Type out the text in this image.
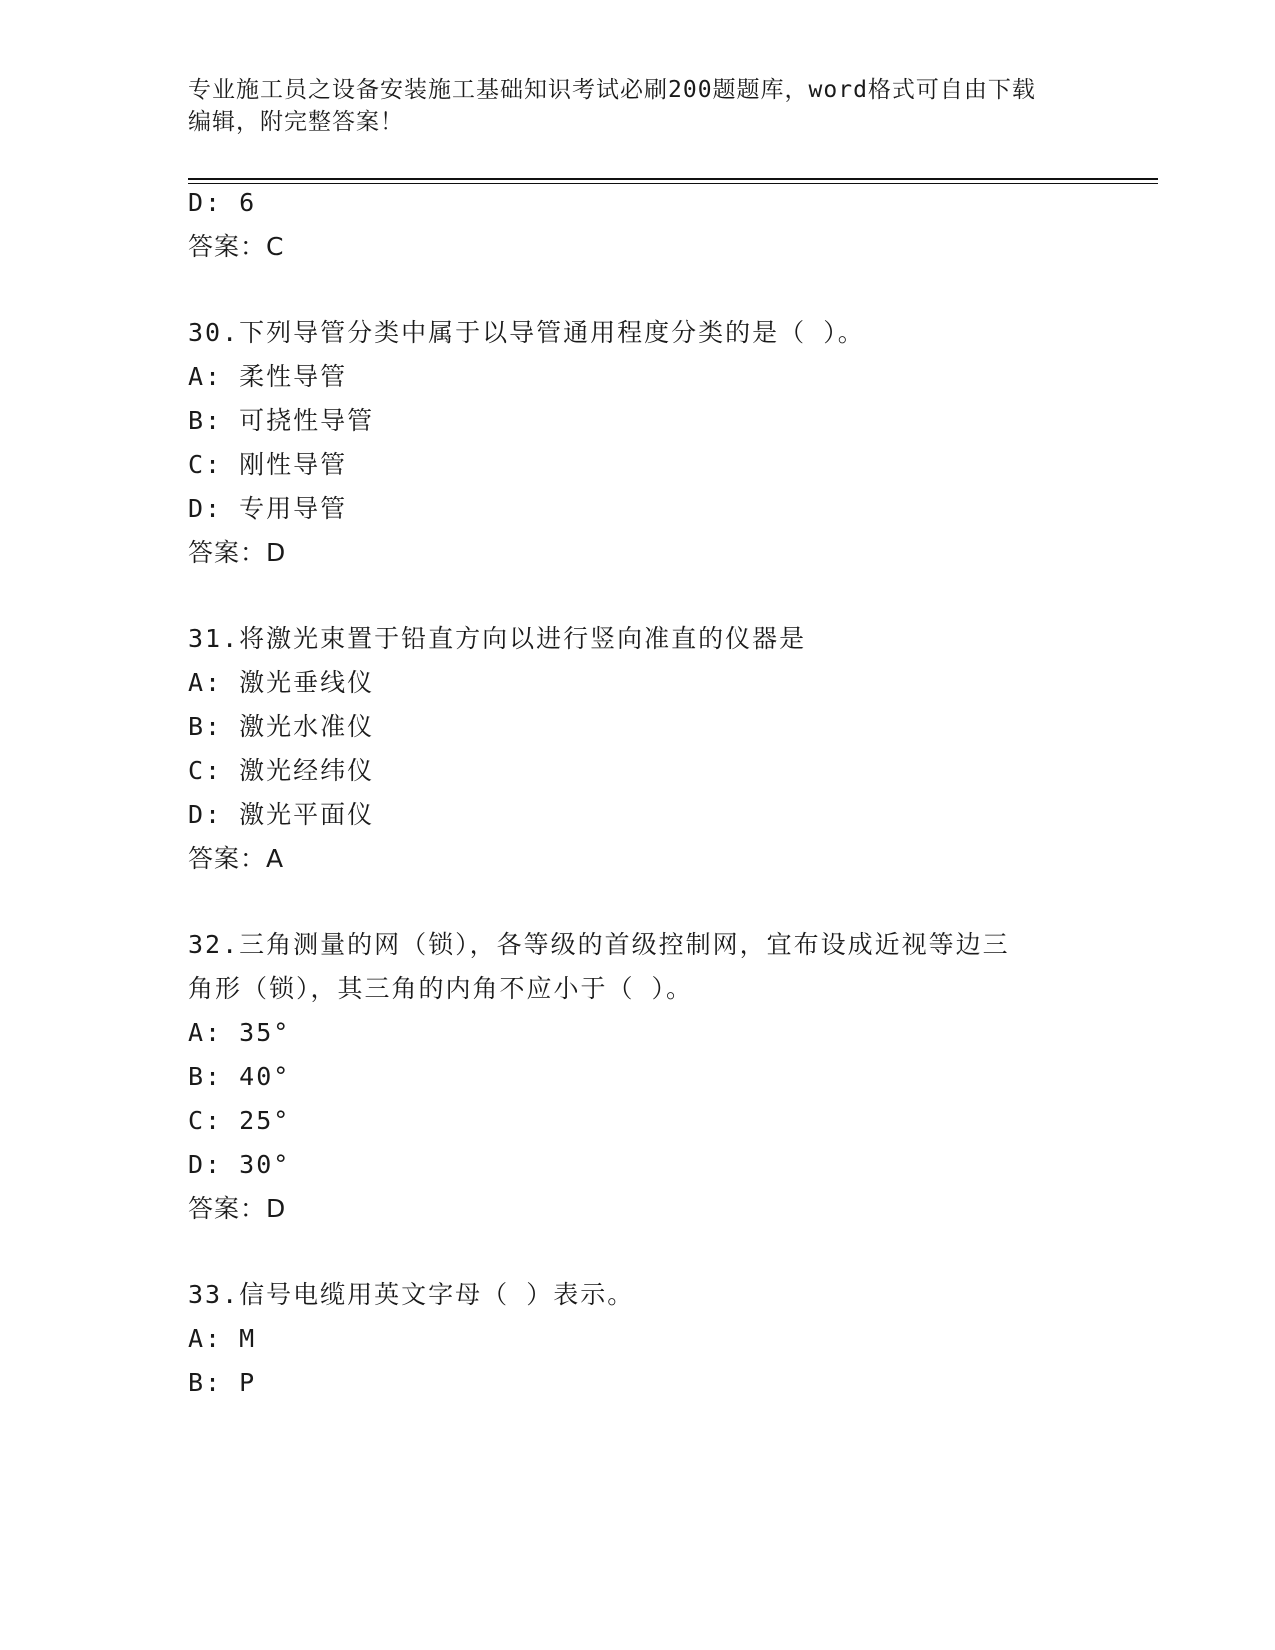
专业施工员之设备安装施工基础知识考试必刷200题题库，word格式可自由下载
编辑，附完整答案！
D: 6
答案：C
30.下列导管分类中属于以导管通用程度分类的是（ ）。
A: 柔性导管
B: 可挠性导管
C: 刚性导管
D: 专用导管
答案：D
31.将激光束置于铅直方向以进行竖向准直的仪器是
A: 激光垂线仪
B: 激光水准仪
C: 激光经纬仪
D: 激光平面仪
答案：A
32.三角测量的网（锁），各等级的首级控制网，宜布设成近视等边三
角形（锁），其三角的内角不应小于（ ）。
A: 35°
B: 40°
C: 25°
D: 30°
答案：D
33.信号电缆用英文字母（ ）表示。
A: M
B: P
